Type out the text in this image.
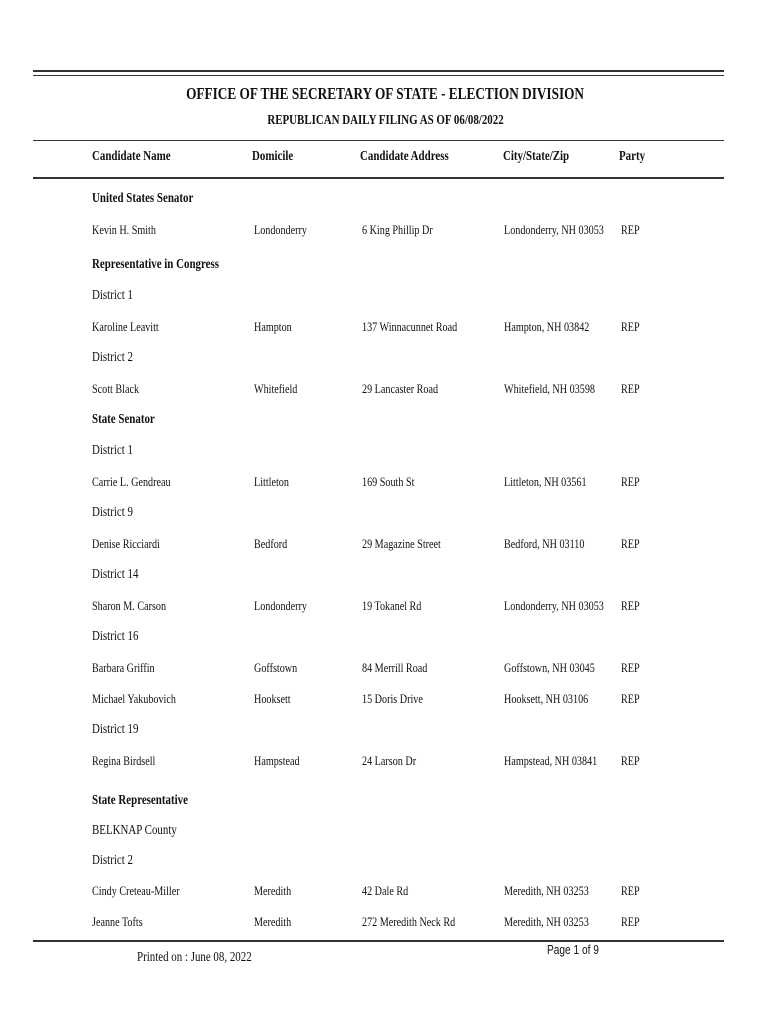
OFFICE OF THE SECRETARY OF STATE - ELECTION DIVISION
REPUBLICAN DAILY FILING AS OF 06/08/2022
Candidate Name	Domicile	Candidate Address	City/State/Zip	Party
United States Senator
Kevin H. Smith	Londonderry	6 King Phillip Dr	Londonderry, NH 03053	REP
Representative in Congress
District 1
Karoline Leavitt	Hampton	137 Winnacunnet Road	Hampton, NH 03842	REP
District 2
Scott Black	Whitefield	29 Lancaster Road	Whitefield, NH 03598	REP
State Senator
District 1
Carrie L. Gendreau	Littleton	169 South St	Littleton, NH 03561	REP
District 9
Denise Ricciardi	Bedford	29 Magazine Street	Bedford, NH 03110	REP
District 14
Sharon M. Carson	Londonderry	19 Tokanel Rd	Londonderry, NH 03053	REP
District 16
Barbara Griffin	Goffstown	84 Merrill Road	Goffstown, NH 03045	REP
Michael Yakubovich	Hooksett	15 Doris Drive	Hooksett, NH 03106	REP
District 19
Regina Birdsell	Hampstead	24 Larson Dr	Hampstead, NH 03841	REP
State Representative
BELKNAP County
District 2
Cindy Creteau-Miller	Meredith	42 Dale Rd	Meredith, NH 03253	REP
Jeanne Tofts	Meredith	272 Meredith Neck Rd	Meredith, NH 03253	REP
Page 1 of 9
Printed on : June 08, 2022
